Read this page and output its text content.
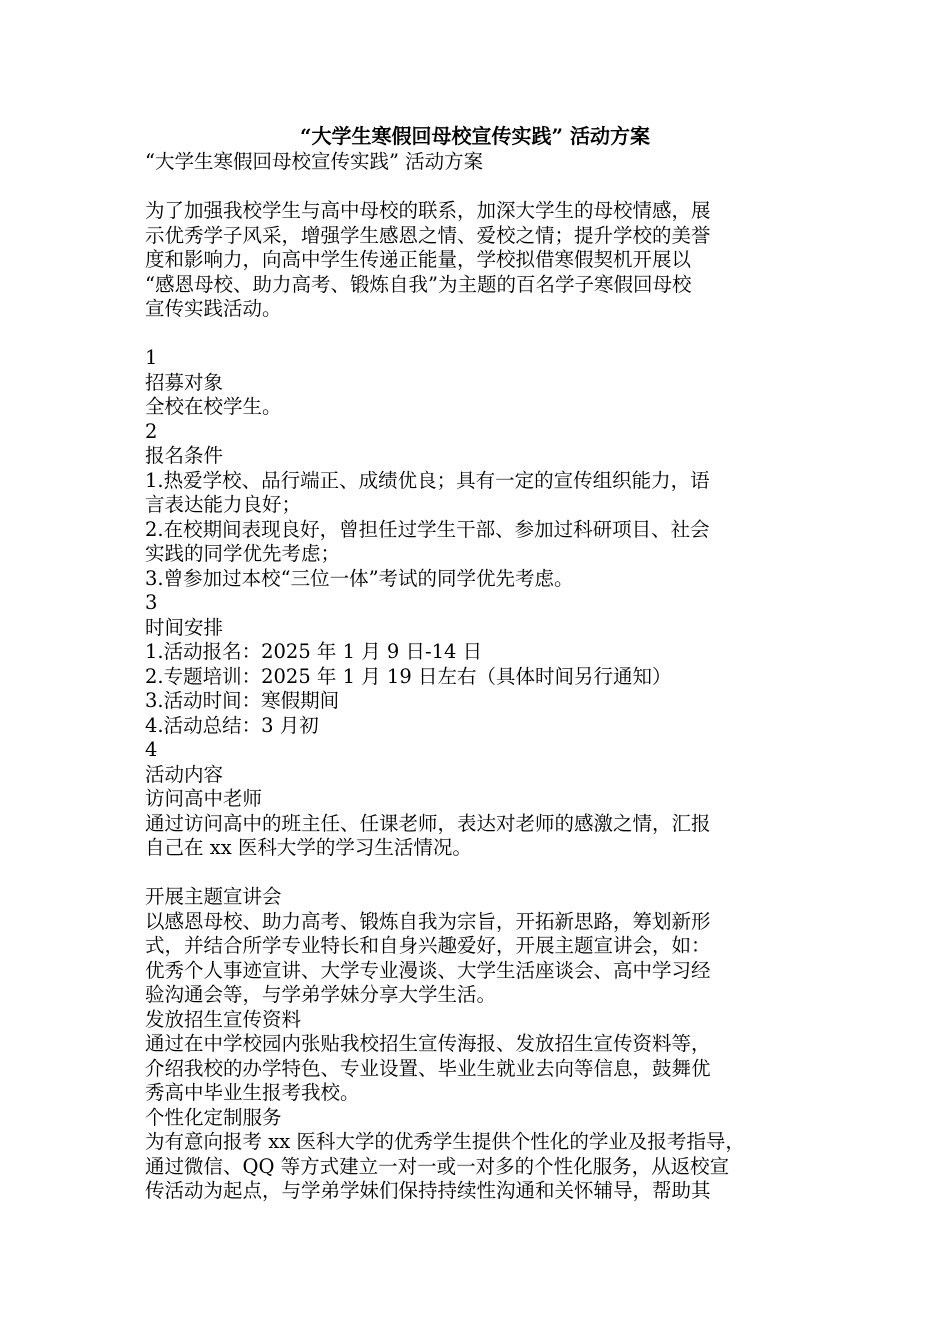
“大学生寒假回母校宣传实践” 活动方案
“大学生寒假回母校宣传实践” 活动方案
为了加强我校学生与高中母校的联系，加深大学生的母校情感，展
示优秀学子风采，增强学生感恩之情、爱校之情；提升学校的美誉
度和影响力，向高中学生传递正能量，学校拟借寒假契机开展以
“感恩母校、助力高考、锻炼自我”为主题的百名学子寒假回母校
宣传实践活动。
1
招募对象
全校在校学生。
2
报名条件
1.热爱学校、品行端正、成绩优良；具有一定的宣传组织能力，语
言表达能力良好；
2.在校期间表现良好，曾担任过学生干部、参加过科研项目、社会
实践的同学优先考虑；
3.曾参加过本校“三位一体”考试的同学优先考虑。
3
时间安排
1.活动报名：2025 年 1 月 9 日-14 日
2.专题培训：2025 年 1 月 19 日左右（具体时间另行通知）
3.活动时间：寒假期间
4.活动总结：3 月初
4
活动内容
访问高中老师
通过访问高中的班主任、任课老师，表达对老师的感激之情，汇报
自己在 xx 医科大学的学习生活情况。
开展主题宣讲会
以感恩母校、助力高考、锻炼自我为宗旨，开拓新思路，筹划新形
式，并结合所学专业特长和自身兴趣爱好，开展主题宣讲会，如：
优秀个人事迹宣讲、大学专业漫谈、大学生活座谈会、高中学习经
验沟通会等，与学弟学妹分享大学生活。
发放招生宣传资料
通过在中学校园内张贴我校招生宣传海报、发放招生宣传资料等，
介绍我校的办学特色、专业设置、毕业生就业去向等信息，鼓舞优
秀高中毕业生报考我校。
个性化定制服务
为有意向报考 xx 医科大学的优秀学生提供个性化的学业及报考指导，
通过微信、QQ 等方式建立一对一或一对多的个性化服务，从返校宣
传活动为起点，与学弟学妹们保持持续性沟通和关怀辅导，帮助其
